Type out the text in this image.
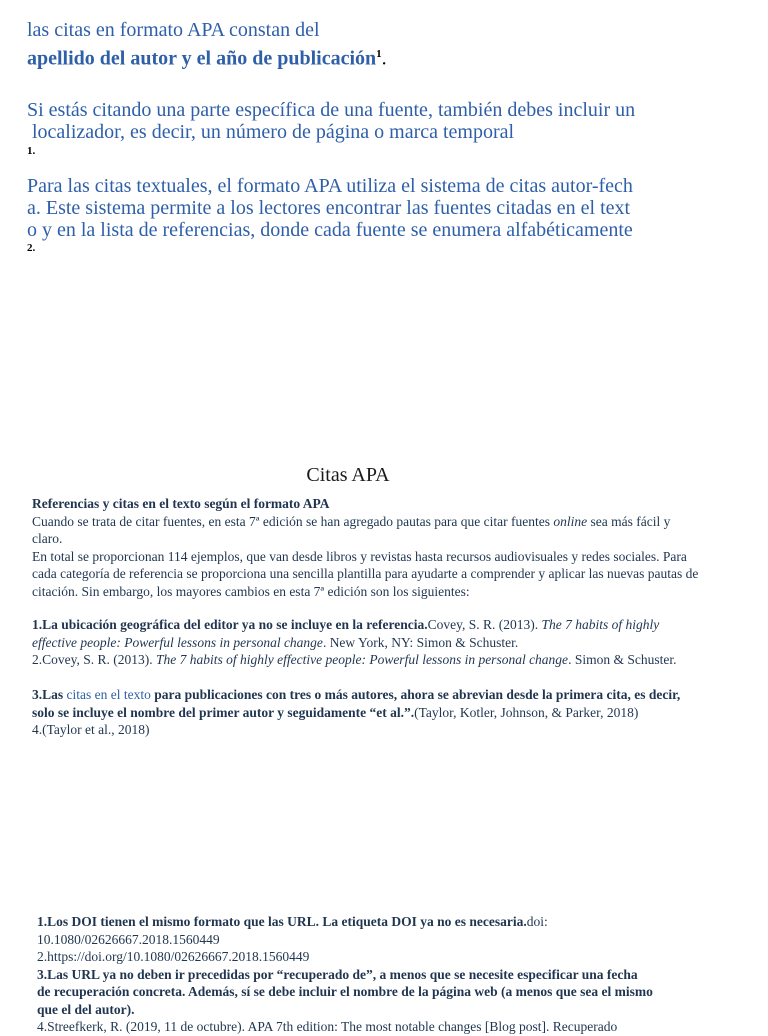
las citas en formato APA constan del
apellido del autor y el año de publicación$^1$.
Si estás citando una parte específica de una fuente, también debes incluir un
localizador, es decir, un número de página o marca temporal
1.
Para las citas textuales, el formato APA utiliza el sistema de citas autor-fech
a. Este sistema permite a los lectores encontrar las fuentes citadas en el text
o y en la lista de referencias, donde cada fuente se enumera alfabéticamente
2.
Citas APA
Referencias y citas en el texto según el formato APA
Cuando se trata de citar fuentes, en esta 7ª edición se han agregado pautas para que citar fuentes online sea más fácil y
claro.
En total se proporcionan 114 ejemplos, que van desde libros y revistas hasta recursos audiovisuales y redes sociales. Para
cada categoría de referencia se proporciona una sencilla plantilla para ayudarte a comprender y aplicar las nuevas pautas de
citación. Sin embargo, los mayores cambios en esta 7ª edición son los siguientes:
1.La ubicación geográfica del editor ya no se incluye en la referencia.Covey, S. R. (2013). The 7 habits of highly
effective people: Powerful lessons in personal change. New York, NY: Simon & Schuster.
2.Covey, S. R. (2013). The 7 habits of highly effective people: Powerful lessons in personal change. Simon & Schuster.
3.Las citas en el texto para publicaciones con tres o más autores, ahora se abrevian desde la primera cita, es decir,
solo se incluye el nombre del primer autor y seguidamente “et al.”.(Taylor, Kotler, Johnson, & Parker, 2018)
4.(Taylor et al., 2018)
1.Los DOI tienen el mismo formato que las URL. La etiqueta DOI ya no es necesaria.doi:
10.1080/02626667.2018.1560449
2.https://doi.org/10.1080/02626667.2018.1560449
3.Las URL ya no deben ir precedidas por “recuperado de”, a menos que se necesite especificar una fecha
de recuperación concreta. Además, sí se debe incluir el nombre de la página web (a menos que sea el mismo
que el del autor).
4.Streefkerk, R. (2019, 11 de octubre). APA 7th edition: The most notable changes [Blog post]. Recuperado
